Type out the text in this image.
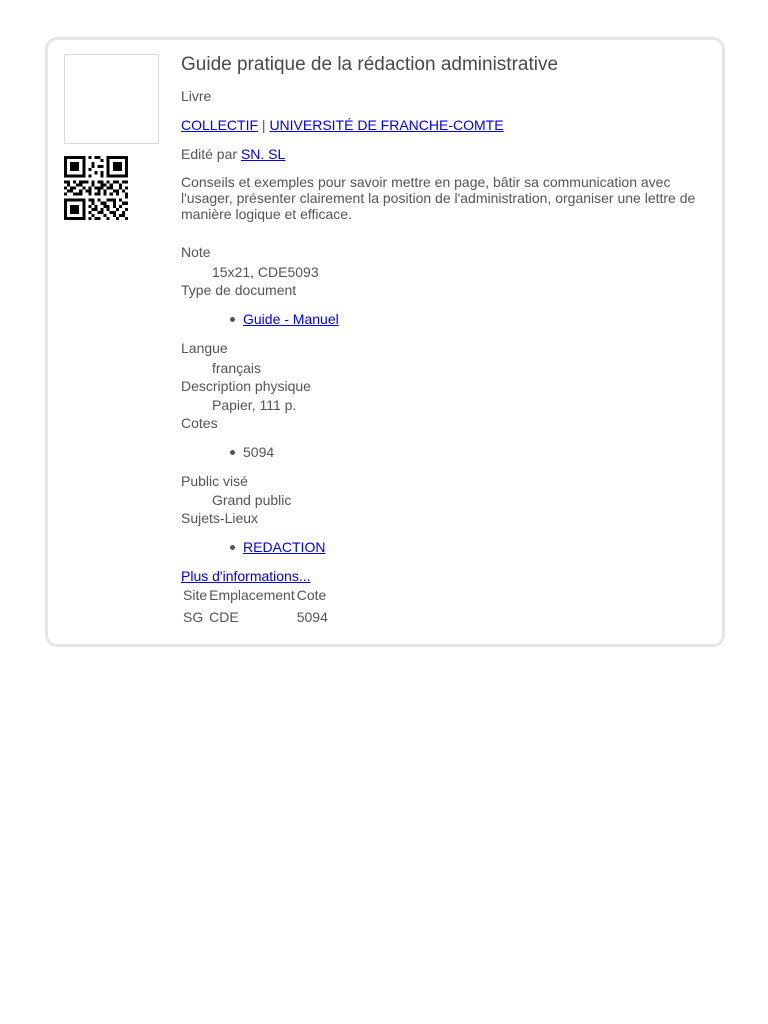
Guide pratique de la rédaction administrative
Livre
COLLECTIF | UNIVERSITÉ DE FRANCHE-COMTE
Edité par SN. SL
Conseils et exemples pour savoir mettre en page, bâtir sa communication avec l'usager, présenter clairement la position de l'administration, organiser une lettre de manière logique et efficace.
Note
15x21, CDE5093
Type de document
Guide - Manuel
Langue
français
Description physique
Papier, 111 p.
Cotes
5094
Public visé
Grand public
Sujets-Lieux
REDACTION
Plus d'informations...
Site	Emplacement	Cote
SG	CDE	5094
